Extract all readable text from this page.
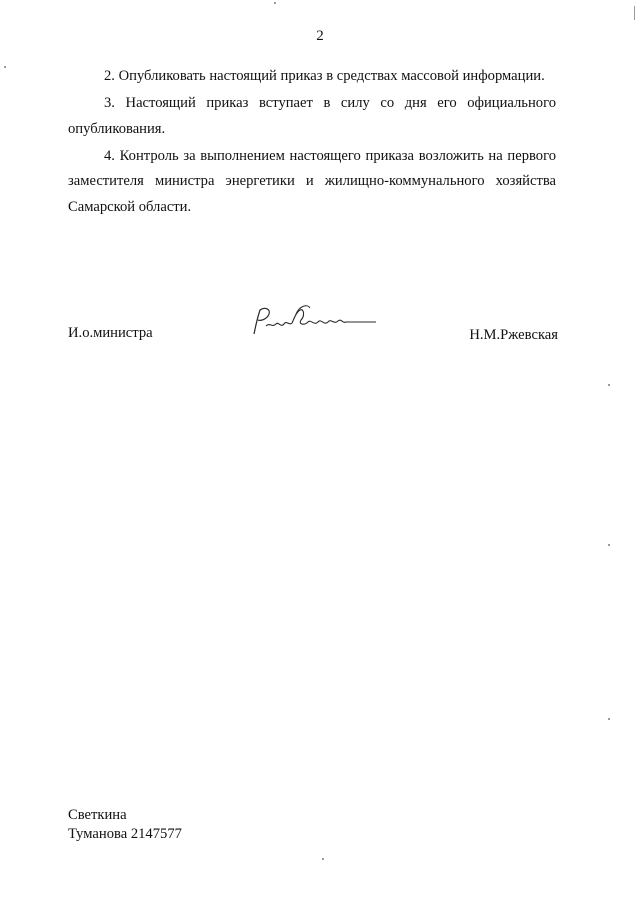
2

2. Опубликовать настоящий приказ в средствах массовой информации.

3. Настоящий приказ вступает в силу со дня его официального опубликования.

4. Контроль за выполнением настоящего приказа возложить на первого заместителя министра энергетики и жилищно-коммунального хозяйства Самарской области.

И.о.министра	Н.М.Ржевская
Светкина
Туманова 2147577
